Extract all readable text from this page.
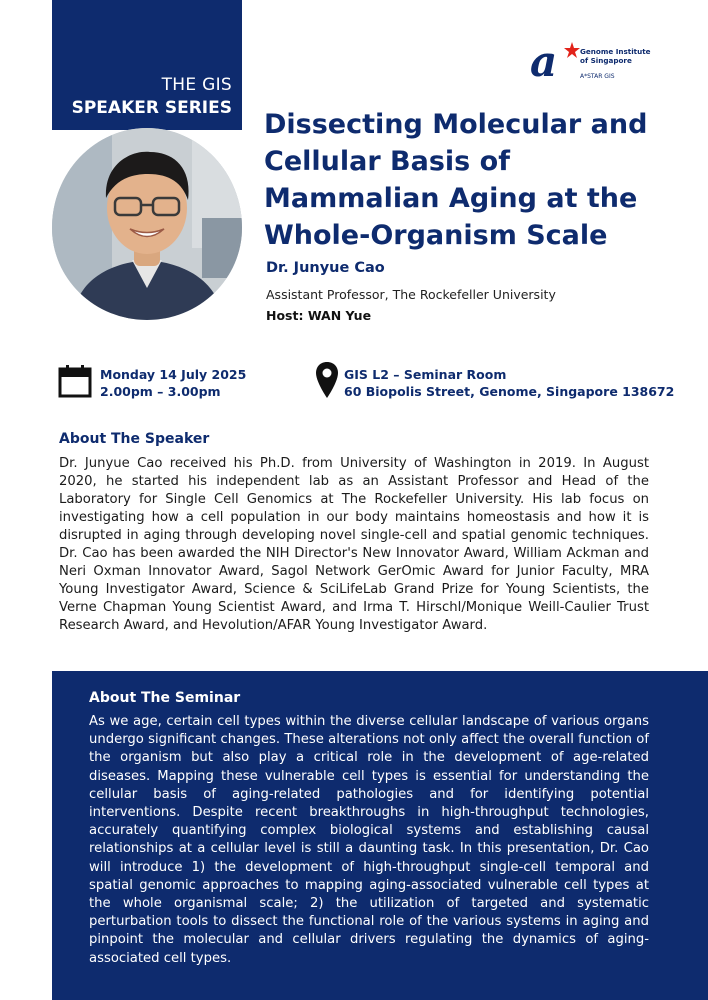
THE GIS
SPEAKER SERIES
a	Genome Institute
of Singapore
A*STAR GIS
Dissecting Molecular and Cellular Basis of Mammalian Aging at the Whole-Organism Scale
Dr. Junyue Cao
Assistant Professor, The Rockefeller University
Host: WAN Yue
Monday 14 July 2025
2.00pm – 3.00pm
GIS L2 – Seminar Room
60 Biopolis Street, Genome, Singapore 138672
About The Speaker

Dr. Junyue Cao received his Ph.D. from University of Washington in 2019. In August 2020, he started his independent lab as an Assistant Professor and Head of the Laboratory for Single Cell Genomics at The Rockefeller University. His lab focus on investigating how a cell population in our body maintains homeostasis and how it is disrupted in aging through developing novel single-cell and spatial genomic techniques. Dr. Cao has been awarded the NIH Director's New Innovator Award, William Ackman and Neri Oxman Innovator Award, Sagol Network GerOmic Award for Junior Faculty, MRA Young Investigator Award, Science & SciLifeLab Grand Prize for Young Scientists, the Verne Chapman Young Scientist Award, and Irma T. Hirschl/Monique Weill-Caulier Trust Research Award, and Hevolution/AFAR Young Investigator Award.

About The Seminar

As we age, certain cell types within the diverse cellular landscape of various organs undergo significant changes. These alterations not only affect the overall function of the organism but also play a critical role in the development of age-related diseases. Mapping these vulnerable cell types is essential for understanding the cellular basis of aging-related pathologies and for identifying potential interventions. Despite recent breakthroughs in high-throughput technologies, accurately quantifying complex biological systems and establishing causal relationships at a cellular level is still a daunting task. In this presentation, Dr. Cao will introduce 1) the development of high-throughput single-cell temporal and spatial genomic approaches to mapping aging-associated vulnerable cell types at the whole organismal scale; 2) the utilization of targeted and systematic perturbation tools to dissect the functional role of the various systems in aging and pinpoint the molecular and cellular drivers regulating the dynamics of aging-associated cell types.
